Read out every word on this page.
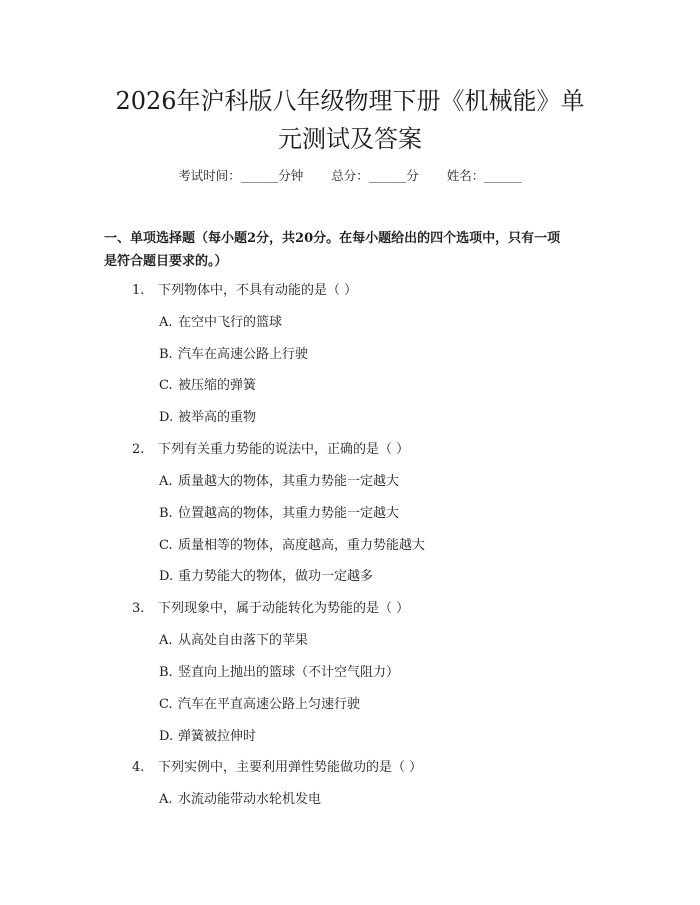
2026年沪科版八年级物理下册《机械能》单
元测试及答案
考试时间：______分钟 总分：______分 姓名：______

一、单项选择题（每小题2分，共20分。在每小题给出的四个选项中，只有一项

是符合题目要求的。）

1. 下列物体中，不具有动能的是（ ）
A. 在空中飞行的篮球
B. 汽车在高速公路上行驶
C. 被压缩的弹簧
D. 被举高的重物
2. 下列有关重力势能的说法中，正确的是（ ）
A. 质量越大的物体，其重力势能一定越大
B. 位置越高的物体，其重力势能一定越大
C. 质量相等的物体，高度越高，重力势能越大
D. 重力势能大的物体，做功一定越多
3. 下列现象中，属于动能转化为势能的是（ ）
A. 从高处自由落下的苹果
B. 竖直向上抛出的篮球（不计空气阻力）
C. 汽车在平直高速公路上匀速行驶
D. 弹簧被拉伸时
4. 下列实例中，主要利用弹性势能做功的是（ ）
A. 水流动能带动水轮机发电
